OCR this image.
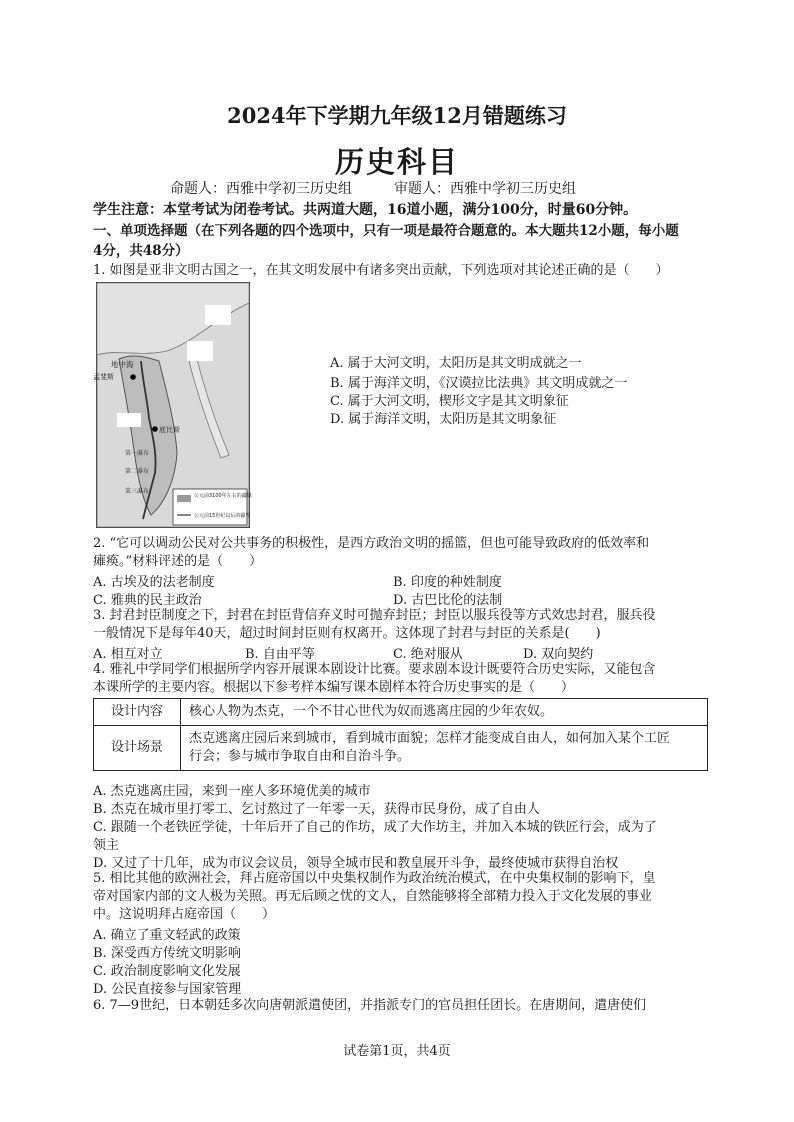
2024年下学期九年级12月错题练习
历史科目
命题人：西雅中学初三历史组　　　审题人：西雅中学初三历史组
学生注意：本堂考试为闭卷考试。共两道大题，16道小题，满分100分，时量60分钟。
一、单项选择题（在下列各题的四个选项中，只有一项是最符合题意的。本大题共12小题，每小题
4分，共48分）
1. 如图是亚非文明古国之一，在其文明发展中有诸多突出贡献，下列选项对其论述正确的是（　　）
地中海
孟斐斯
底比斯
第一瀑布
第二瀑布
第三瀑布
公元前3100年左右的疆域
公元前15世纪以后的疆界
A. 属于大河文明，太阳历是其文明成就之一
B. 属于海洋文明，《汉谟拉比法典》其文明成就之一
C. 属于大河文明，楔形文字是其文明象征
D. 属于海洋文明，太阳历是其文明象征
2. “它可以调动公民对公共事务的积极性，是西方政治文明的摇篮，但也可能导致政府的低效率和
瘫痪。”材料评述的是（　　）
A. 古埃及的法老制度	B. 印度的种姓制度
C. 雅典的民主政治	D. 古巴比伦的法制
3. 封君封臣制度之下，封君在封臣背信弃义时可抛弃封臣；封臣以服兵役等方式效忠封君，服兵役
一般情况下是每年40天，超过时间封臣则有权离开。这体现了封君与封臣的关系是(　　)
A. 相互对立	B. 自由平等	C. 绝对服从	D. 双向契约
4. 雅礼中学同学们根据所学内容开展课本剧设计比赛。要求剧本设计既要符合历史实际，又能包含
本课所学的主要内容。根据以下参考样本编写课本剧样本符合历史事实的是（　　）
设计内容	核心人物为杰克，一个不甘心世代为奴而逃离庄园的少年农奴。
设计场景	杰克逃离庄园后来到城市，看到城市面貌；怎样才能变成自由人，如何加入某个工匠
行会；参与城市争取自由和自治斗争。
A. 杰克逃离庄园，来到一座人多环境优美的城市
B. 杰克在城市里打零工、乞讨熬过了一年零一天，获得市民身份，成了自由人
C. 跟随一个老铁匠学徒，十年后开了自己的作坊，成了大作坊主，并加入本城的铁匠行会，成为了
领主
D. 又过了十几年，成为市议会议员，领导全城市民和教皇展开斗争，最终使城市获得自治权
5. 相比其他的欧洲社会，拜占庭帝国以中央集权制作为政治统治模式，在中央集权制的影响下，皇
帝对国家内部的文人极为关照。再无后顾之忧的文人，自然能够将全部精力投入于文化发展的事业
中。这说明拜占庭帝国（　　）
A. 确立了重文轻武的政策
B. 深受西方传统文明影响
C. 政治制度影响文化发展
D. 公民直接参与国家管理
6. 7—9世纪，日本朝廷多次向唐朝派遣使团，并指派专门的官员担任团长。在唐期间，遣唐使们
试卷第1页，共4页
